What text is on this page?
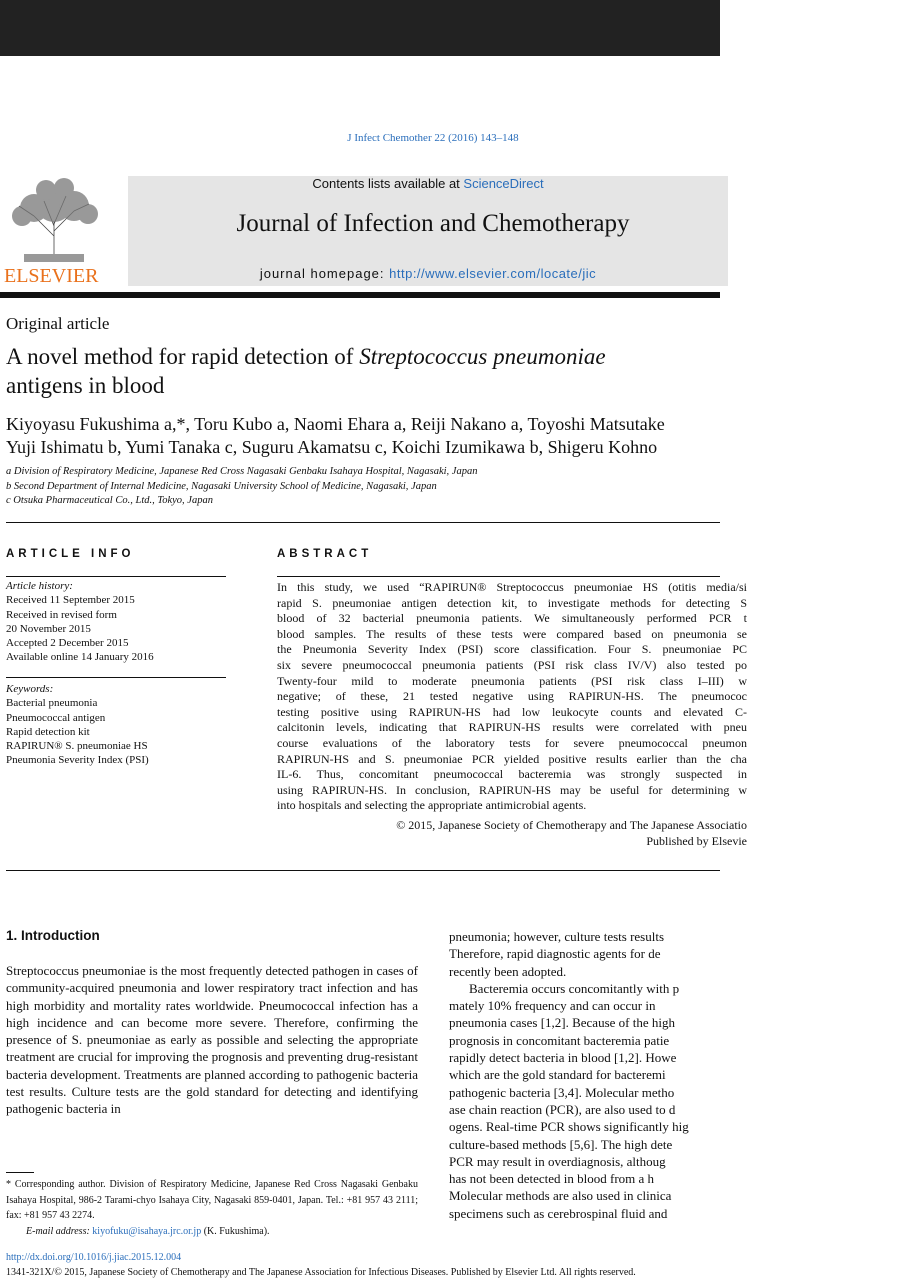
J Infect Chemother 22 (2016) 143–148
ELSEVIER
Contents lists available at ScienceDirect
Journal of Infection and Chemotherapy
journal homepage: http://www.elsevier.com/locate/jic
Original article
A novel method for rapid detection of Streptococcus pneumoniae
antigens in blood
Kiyoyasu Fukushima a,*, Toru Kubo a, Naomi Ehara a, Reiji Nakano a, Toyoshi Matsutake
Yuji Ishimatu b, Yumi Tanaka c, Suguru Akamatsu c, Koichi Izumikawa b, Shigeru Kohno
a Division of Respiratory Medicine, Japanese Red Cross Nagasaki Genbaku Isahaya Hospital, Nagasaki, Japan
b Second Department of Internal Medicine, Nagasaki University School of Medicine, Nagasaki, Japan
c Otsuka Pharmaceutical Co., Ltd., Tokyo, Japan
ARTICLE INFO	ABSTRACT
Article history:
Received 11 September 2015
Received in revised form
20 November 2015
Accepted 2 December 2015
Available online 14 January 2016
Keywords:
Bacterial pneumonia
Pneumococcal antigen
Rapid detection kit
RAPIRUN® S. pneumoniae HS
Pneumonia Severity Index (PSI)
In this study, we used “RAPIRUN® Streptococcus pneumoniae HS (otitis media/si
rapid S. pneumoniae antigen detection kit, to investigate methods for detecting S
blood of 32 bacterial pneumonia patients. We simultaneously performed PCR t
blood samples. The results of these tests were compared based on pneumonia se
the Pneumonia Severity Index (PSI) score classification. Four S. pneumoniae PC
six severe pneumococcal pneumonia patients (PSI risk class IV/V) also tested po
Twenty-four mild to moderate pneumonia patients (PSI risk class I–III) w
negative; of these, 21 tested negative using RAPIRUN-HS. The pneumococ
testing positive using RAPIRUN-HS had low leukocyte counts and elevated C-
calcitonin levels, indicating that RAPIRUN-HS results were correlated with pneu
course evaluations of the laboratory tests for severe pneumococcal pneumon
RAPIRUN-HS and S. pneumoniae PCR yielded positive results earlier than the cha
IL-6. Thus, concomitant pneumococcal bacteremia was strongly suspected in
using RAPIRUN-HS. In conclusion, RAPIRUN-HS may be useful for determining w
into hospitals and selecting the appropriate antimicrobial agents.
© 2015, Japanese Society of Chemotherapy and The Japanese Associatio
Published by Elsevie
1. Introduction
Streptococcus pneumoniae is the most frequently detected pathogen in cases of community-acquired pneumonia and lower respiratory tract infection and has high morbidity and mortality rates worldwide. Pneumococcal infection has a high incidence and can become more severe. Therefore, confirming the presence of S. pneumoniae as early as possible and selecting the appropriate treatment are crucial for improving the prognosis and preventing drug-resistant bacteria development. Treatments are planned according to pathogenic bacteria test results. Culture tests are the gold standard for detecting and identifying pathogenic bacteria in
pneumonia; however, culture tests results
Therefore, rapid diagnostic agents for de
recently been adopted.
Bacteremia occurs concomitantly with p
mately 10% frequency and can occur in
pneumonia cases [1,2]. Because of the high
prognosis in concomitant bacteremia patie
rapidly detect bacteria in blood [1,2]. Howe
which are the gold standard for bacteremi
pathogenic bacteria [3,4]. Molecular metho
ase chain reaction (PCR), are also used to d
ogens. Real-time PCR shows significantly hig
culture-based methods [5,6]. The high dete
PCR may result in overdiagnosis, althoug
has not been detected in blood from a h
Molecular methods are also used in clinica
specimens such as cerebrospinal fluid and
* Corresponding author. Division of Respiratory Medicine, Japanese Red Cross Nagasaki Genbaku Isahaya Hospital, 986-2 Tarami-chyo Isahaya City, Nagasaki 859-0401, Japan. Tel.: +81 957 43 2111; fax: +81 957 43 2274.
E-mail address: kiyofuku@isahaya.jrc.or.jp (K. Fukushima).
http://dx.doi.org/10.1016/j.jiac.2015.12.004
1341-321X/© 2015, Japanese Society of Chemotherapy and The Japanese Association for Infectious Diseases. Published by Elsevier Ltd. All rights reserved.
